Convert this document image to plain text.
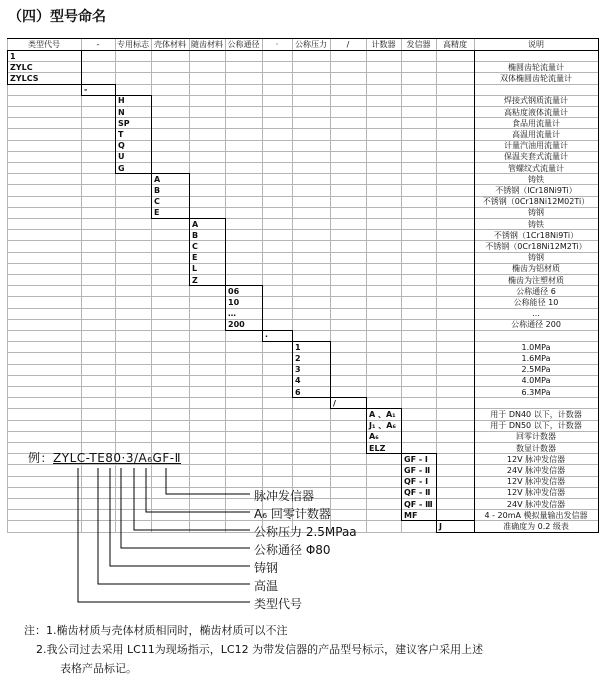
（四）型号命名
类型代号	-	专用标志 壳体材料 随齿材料 公称通径	·	公称压力	/	计数器	发信器	高精度	说明
1
ZYLC	椭圆齿轮流量计
ZYLCS	双体椭圆齿轮流量计
-
H	焊接式钢质流量计
N	高粘度液体流量计
SP	食品用流量计
T	高温用流量计
Q	计量汽油用流量计
U	保温夹套式流量计
G	管螺纹式流量计
A	铸铁
B	不锈钢（ICr18Ni9Ti）
C	不锈钢（0Cr18Ni12M02Ti）
E	铸钢
A	铸铁
B	不锈钢（1Cr18Ni9Ti）
C	不锈钢（0Cr18Ni12M2Ti）
E	铸钢
L	椭齿为铝材质
Z	椭齿为注塑材质
06	公称通径 6
10	公称能径 10
…	…
200	公称通径 200
·
1	1.0MPa
2	1.6MPa
3	2.5MPa
4	4.0MPa
6	6.3MPa
/
A 、A₁	用于 DN40 以下，计数器
J₁ 、A₆	用于 DN50 以下，计数器
A₆	回零计数器
ELZ	数显计数器
GF - Ⅰ	12V 脉冲发信器
GF - Ⅱ	24V 脉冲发信器
QF - Ⅰ	12V 脉冲发信器
QF - Ⅱ	12V 脉冲发信器
QF - Ⅲ	24V 脉冲发信器
MF	4 - 20mA 模拟量输出发信器
J	准确度为 0.2 级表
例：ZYLC-TE80·3/A₆GF-Ⅱ
脉冲发信器
A₆ 回零计数器
公称压力 2.5MPaa
公称通径 Φ80
铸钢
高温
类型代号
注：1.椭齿材质与壳体材质相同时，椭齿材质可以不注
2.我公司过去采用 LC11为现场指示，LC12 为带发信器的产品型号标示，建议客户采用上述
表格产品标记。
